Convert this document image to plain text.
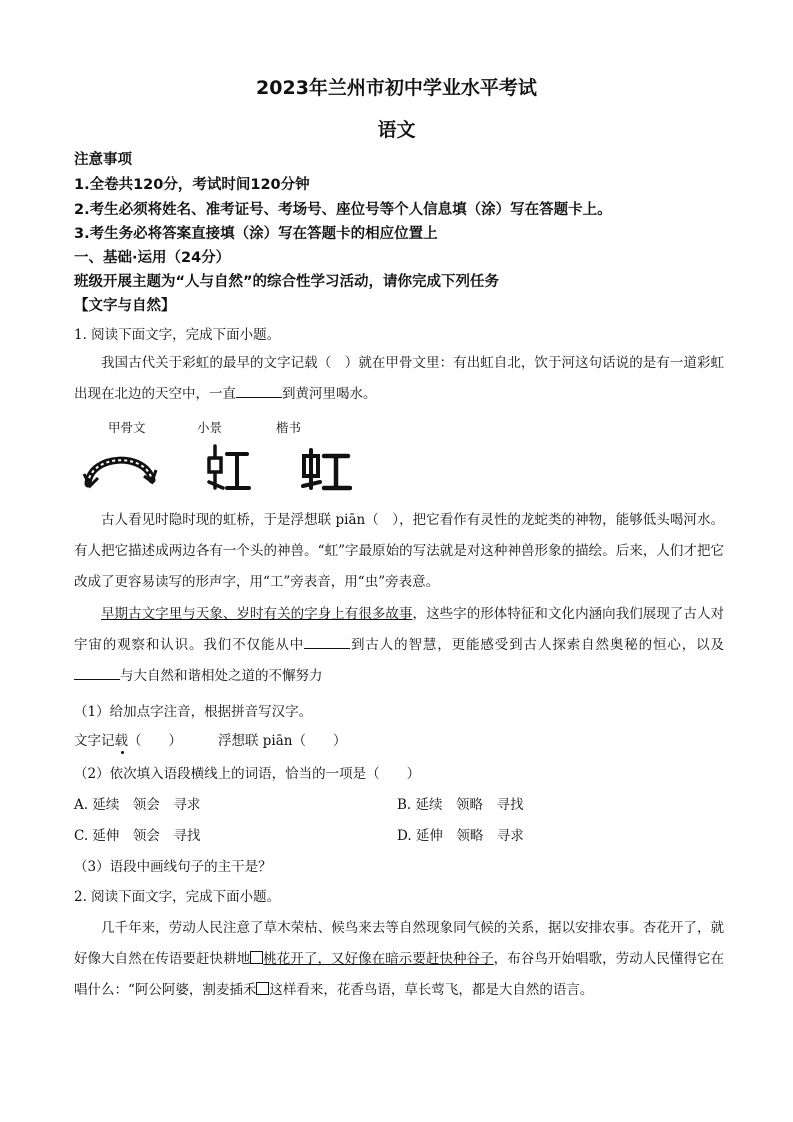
2023年兰州市初中学业水平考试
语文
注意事项
1.全卷共120分，考试时间120分钟
2.考生必须将姓名、准考证号、考场号、座位号等个人信息填（涂）写在答题卡上。
3.考生务必将答案直接填（涂）写在答题卡的相应位置上
一、基础·运用（24分）
班级开展主题为“人与自然”的综合性学习活动，请你完成下列任务
【文字与自然】
1. 阅读下面文字，完成下面小题。
我国古代关于彩虹的最早的文字记载（　）就在甲骨文里：有出虹自北，饮于河这句话说的是有一道彩虹出现在北边的天空中，一直	到黄河里喝水。
甲骨文	小景	楷书
古人看见时隐时现的虹桥，于是浮想联 piān（　），把它看作有灵性的龙蛇类的神物，能够低头喝河水。有人把它描述成两边各有一个头的神兽。“虹”字最原始的写法就是对这种神兽形象的描绘。后来，人们才把它改成了更容易读写的形声字，用“工”旁表音，用“虫”旁表意。
早期古文字里与天象、岁时有关的字身上有很多故事，这些字的形体特征和文化内涵向我们展现了古人对宇宙的观察和认识。我们不仅能从中	到古人的智慧，更能感受到古人探索自然奥秘的恒心，以及与大自然和谐相处之道的不懈努力
（1）给加点字注音，根据拼音写汉字。
文字记载（　　）	浮想联 piān（　　）
（2）依次填入语段横线上的词语，恰当的一项是（　　）
A. 延续　领会　寻求	B. 延续　领略　寻找
C. 延伸　领会　寻找	D. 延伸　领略　寻求
（3）语段中画线句子的主干是？
2. 阅读下面文字，完成下面小题。
几千年来，劳动人民注意了草木荣枯、候鸟来去等自然现象同气候的关系，据以安排农事。杏花开了，就好像大自然在传语要赶快耕地 桃花开了，又好像在暗示要赶快种谷子，布谷鸟开始唱歌，劳动人民懂得它在唱什么：“阿公阿婆，割麦插禾 这样看来，花香鸟语，草长莺飞，都是大自然的语言。
